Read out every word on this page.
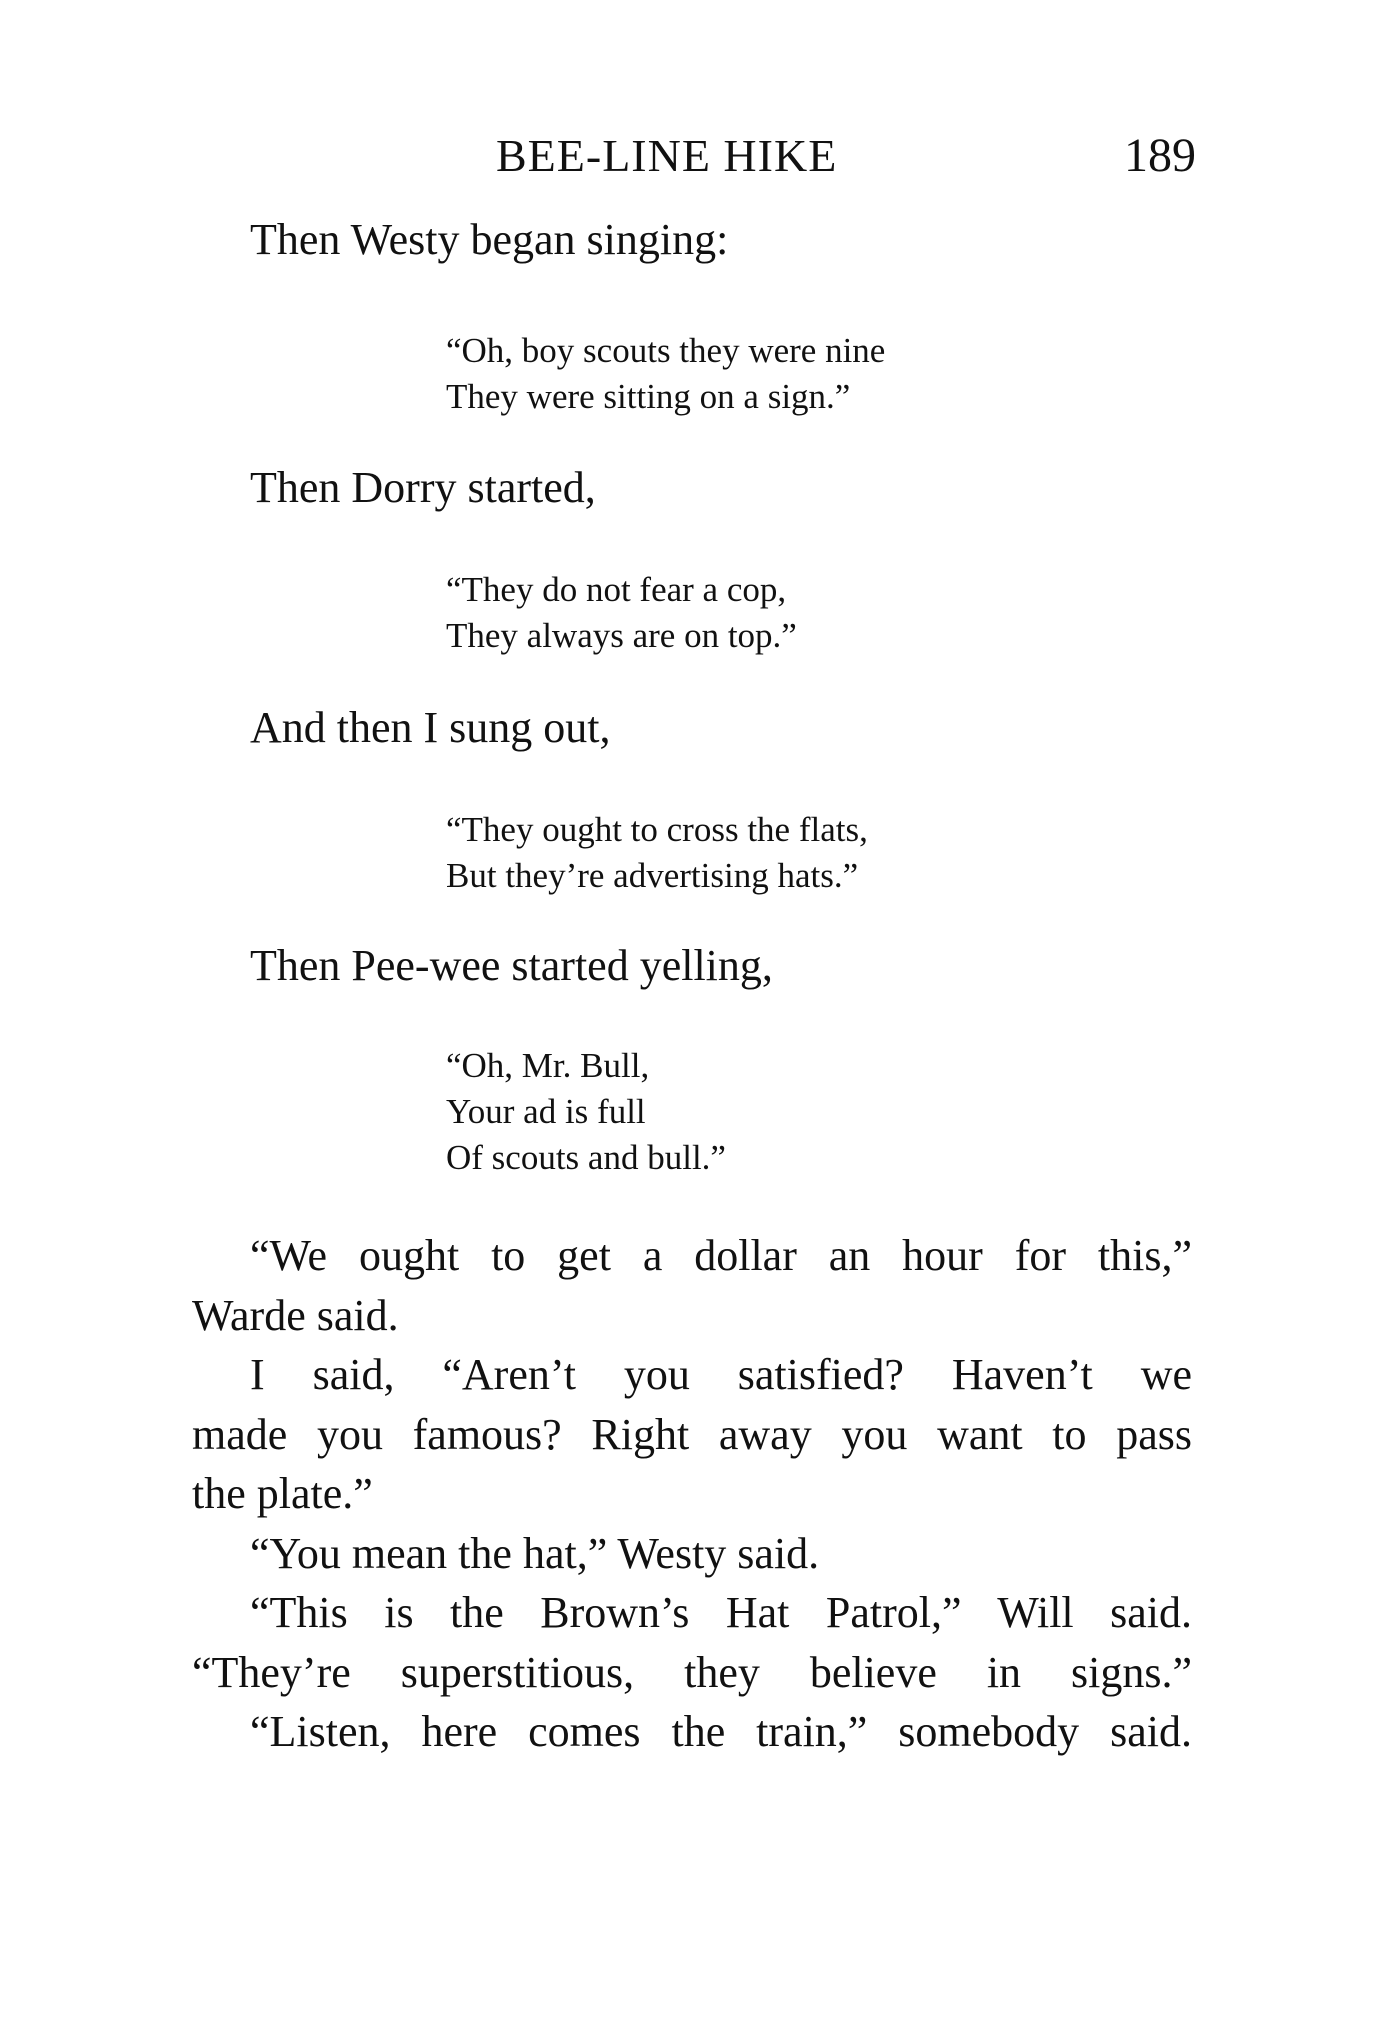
BEE-LINE HIKE	189
Then Westy began singing:
“Oh, boy scouts they were nine
They were sitting on a sign.”
Then Dorry started,
“They do not fear a cop,
They always are on top.”
And then I sung out,
“They ought to cross the flats,
But they’re advertising hats.”
Then Pee-wee started yelling,
“Oh, Mr. Bull,
Your ad is full
Of scouts and bull.”
“We ought to get a dollar an hour for this,”
Warde said.
I said, “Aren’t you satisfied? Haven’t we
made you famous? Right away you want to pass
the plate.”
“You mean the hat,” Westy said.
“This is the Brown’s Hat Patrol,” Will said.
“They’re superstitious, they believe in signs.”
“Listen, here comes the train,” somebody said.
